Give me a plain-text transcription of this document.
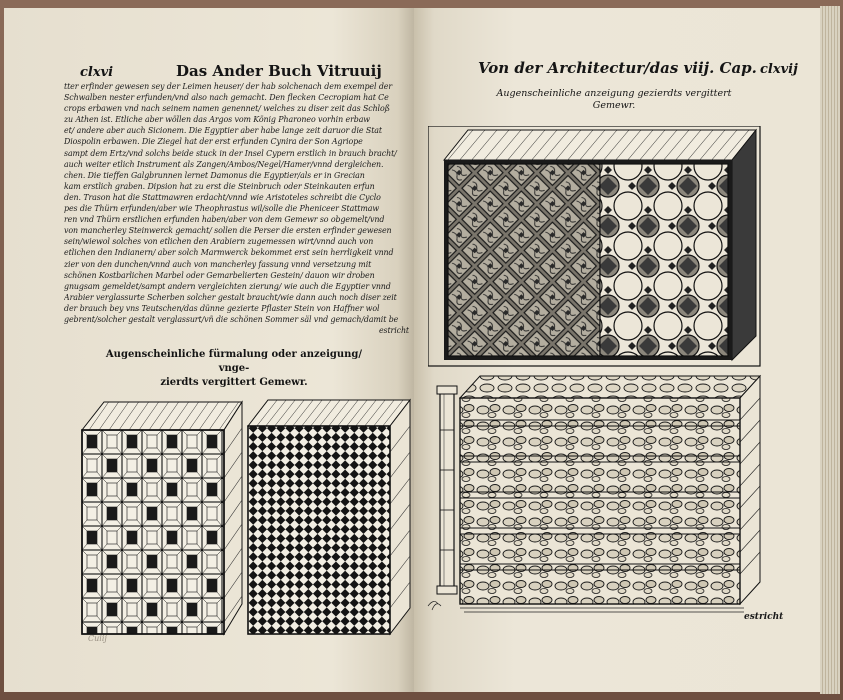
clxvi	Das Ander Buch Vitruuij
tter erfinder gewesen sey der Leimen heuser/ der hab solchenach dem exempel der
Schwalben nester erfunden/vnd also nach gemacht. Den flecken Cecropiam hat Ce
crops erbawen vnd nach seinem namen genennet/ welches zu diser zeit das Schloß
zu Athen ist. Etliche aber wöllen das Argos vom König Pharoneo vorhin erbaw
et/ andere aber auch Sicionem. Die Egyptier aber habe lange zeit daruor die Stat
Diospolin erbawen. Die Ziegel hat der erst erfunden Cynira der Son Agriope
sampt dem Ertz/vnd solchs beide stuck in der Insel Cypern erstlich in brauch bracht/
auch weiter etlich Instrument als Zangen/Ambos/Negel/Hamer/vnnd dergleichen.
chen. Die tieffen Galgbrunnen lernet Damonus die Egyptier/als er in Grecian
kam erstlich graben. Dipsion hat zu erst die Steinbruch oder Steinkauten erfun
den. Trason hat die Stattmawren erdacht/vnnd wie Aristoteles schreibt die Cyclo
pes die Thürn erfunden/aber wie Theophrastus wil/solle die Pheniceer Stattmaw
ren vnd Thürn erstlichen erfunden haben/aber von dem Gemewr so obgemelt/vnd
von mancherley Steinwerck gemacht/ sollen die Perser die ersten erfinder gewesen
sein/wiewol solches von etlichen den Arabiern zugemessen wirt/vnnd auch von
etlichen den Indianern/ aber solch Marmwerck bekommet erst sein herrligkeit vnnd
zier von den dunchen/vnnd auch von mancherley fassung vnnd versetzung mit
schönen Kostbarlichen Marbel oder Gemarbelierten Gestein/ dauon wir droben
gnugsam gemeldet/sampt andern vergleichten zierung/ wie auch die Egyptier vnnd
Arabier verglassurte Scherben solcher gestalt braucht/wie dann auch noch diser zeit
der brauch bey vns Teutschen/das dünne gezierte Pflaster Stein von Haffner wol
gebrent/solcher gestalt verglassurt/vñ die schönen Sommer säl vnd gemach/damit be
estricht
Augenscheinliche fürmalung oder anzeigung/ vnge-
zierdts vergittert Gemewr.
Cuiij
Von der Architectur/das viij. Cap. clxvij
Augenscheinliche anzeigung gezierdts vergittert
Gemewr.
estricht
